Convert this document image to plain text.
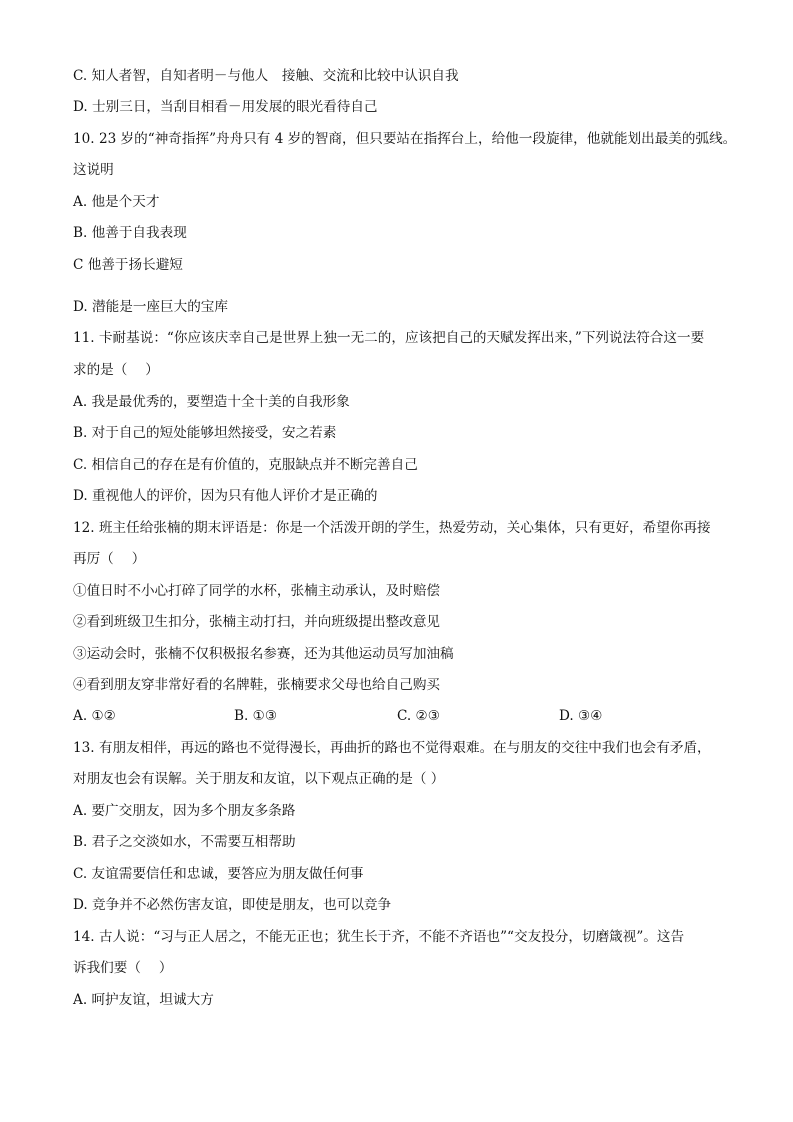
C. 知人者智，自知者明－与他人　接触、交流和比较中认识自我
D. 士别三日，当刮目相看－用发展的眼光看待自己
10. 23 岁的“神奇指挥”舟舟只有 4 岁的智商，但只要站在指挥台上，给他一段旋律，他就能划出最美的弧线。
这说明
A. 他是个天才
B. 他善于自我表现
C 他善于扬长避短
D. 潜能是一座巨大的宝库
11. 卡耐基说：“你应该庆幸自己是世界上独一无二的，应该把自己的天赋发挥出来，”下列说法符合这一要
求的是（　 ）
A. 我是最优秀的，要塑造十全十美的自我形象
B. 对于自己的短处能够坦然接受，安之若素
C. 相信自己的存在是有价值的，克服缺点并不断完善自己
D. 重视他人的评价，因为只有他人评价才是正确的
12. 班主任给张楠的期末评语是：你是一个活泼开朗的学生，热爱劳动，关心集体，只有更好，希望你再接
再厉（　 ）
①值日时不小心打碎了同学的水杯，张楠主动承认，及时赔偿
②看到班级卫生扣分，张楠主动打扫，并向班级提出整改意见
③运动会时，张楠不仅积极报名参赛，还为其他运动员写加油稿
④看到朋友穿非常好看的名牌鞋，张楠要求父母也给自己购买
A. ①②	B. ①③	C. ②③	D. ③④
13. 有朋友相伴，再远的路也不觉得漫长，再曲折的路也不觉得艰难。在与朋友的交往中我们也会有矛盾，
对朋友也会有误解。关于朋友和友谊，以下观点正确的是（ ）
A. 要广交朋友，因为多个朋友多条路
B. 君子之交淡如水，不需要互相帮助
C. 友谊需要信任和忠诚，要答应为朋友做任何事
D. 竞争并不必然伤害友谊，即使是朋友，也可以竞争
14. 古人说：“习与正人居之，不能无正也；犹生长于齐，不能不齐语也”“交友投分，切磨箴视”。这告
诉我们要（　 ）
A. 呵护友谊，坦诚大方
